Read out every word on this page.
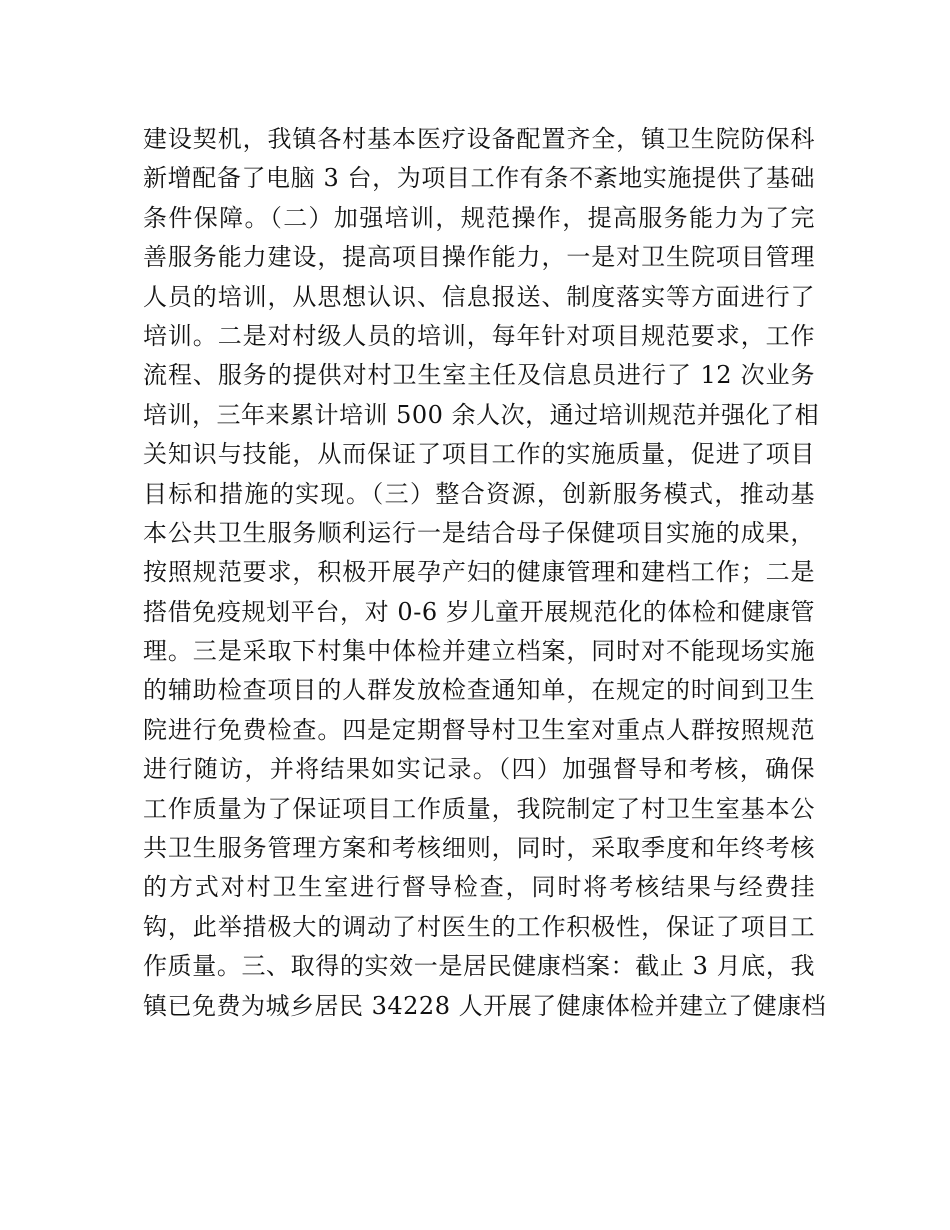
建设契机，我镇各村基本医疗设备配置齐全，镇卫生院防保科
新增配备了电脑 3 台，为项目工作有条不紊地实施提供了基础
条件保障。（二）加强培训，规范操作，提高服务能力为了完
善服务能力建设，提高项目操作能力，一是对卫生院项目管理
人员的培训，从思想认识、信息报送、制度落实等方面进行了
培训。二是对村级人员的培训，每年针对项目规范要求，工作
流程、服务的提供对村卫生室主任及信息员进行了 12 次业务
培训，三年来累计培训 500 余人次，通过培训规范并强化了相
关知识与技能，从而保证了项目工作的实施质量，促进了项目
目标和措施的实现。（三）整合资源，创新服务模式，推动基
本公共卫生服务顺利运行一是结合母子保健项目实施的成果，
按照规范要求，积极开展孕产妇的健康管理和建档工作；二是
搭借免疫规划平台，对 0-6 岁儿童开展规范化的体检和健康管
理。三是采取下村集中体检并建立档案，同时对不能现场实施
的辅助检查项目的人群发放检查通知单，在规定的时间到卫生
院进行免费检查。四是定期督导村卫生室对重点人群按照规范
进行随访，并将结果如实记录。（四）加强督导和考核，确保
工作质量为了保证项目工作质量，我院制定了村卫生室基本公
共卫生服务管理方案和考核细则，同时，采取季度和年终考核
的方式对村卫生室进行督导检查，同时将考核结果与经费挂
钩，此举措极大的调动了村医生的工作积极性，保证了项目工
作质量。三、取得的实效一是居民健康档案：截止 3 月底，我
镇已免费为城乡居民 34228 人开展了健康体检并建立了健康档
